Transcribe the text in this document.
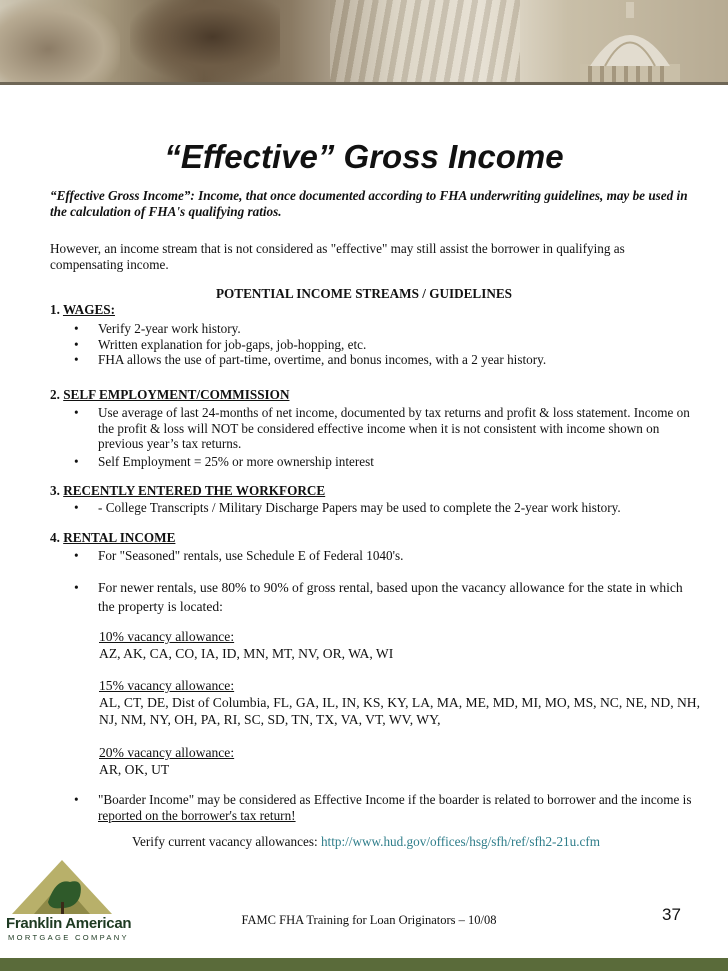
“Effective” Gross Income

“Effective Gross Income”: Income, that once documented according to FHA underwriting guidelines, may be used in the calculation of FHA's qualifying ratios.

However, an income stream that is not considered as "effective" may still assist the borrower in qualifying as compensating income.

POTENTIAL INCOME STREAMS / GUIDELINES
1. WAGES:
• Verify 2-year work history.
• Written explanation for job-gaps, job-hopping, etc.
• FHA allows the use of part-time, overtime, and bonus incomes, with a 2 year history.
2. SELF EMPLOYMENT/COMMISSION
• Use average of last 24-months of net income, documented by tax returns and profit & loss statement. Income on the profit & loss will NOT be considered effective income when it is not consistent with income shown on previous year’s tax returns.
• Self Employment = 25% or more ownership interest
3. RECENTLY ENTERED THE WORKFORCE
• - College Transcripts / Military Discharge Papers may be used to complete the 2-year work history.
4. RENTAL INCOME
• For "Seasoned" rentals, use Schedule E of Federal 1040's.
• For newer rentals, use 80% to 90% of gross rental, based upon the vacancy allowance for the state in which the property is located:
10% vacancy allowance:
AZ, AK, CA, CO, IA, ID, MN, MT, NV, OR, WA, WI
15% vacancy allowance:
AL, CT, DE, Dist of Columbia, FL, GA, IL, IN, KS, KY, LA, MA, ME, MD, MI, MO, MS, NC, NE, ND, NH, NJ, NM, NY, OH, PA, RI, SC, SD, TN, TX, VA, VT, WV, WY,
20% vacancy allowance:
AR, OK, UT
• "Boarder Income" may be considered as Effective Income if the boarder is related to borrower and the income is reported on the borrower's tax return!
Verify current vacancy allowances: http://www.hud.gov/offices/hsg/sfh/ref/sfh2-21u.cfm
Franklin American
MORTGAGE COMPANY
FAMC FHA Training for Loan Originators – 10/08	37
